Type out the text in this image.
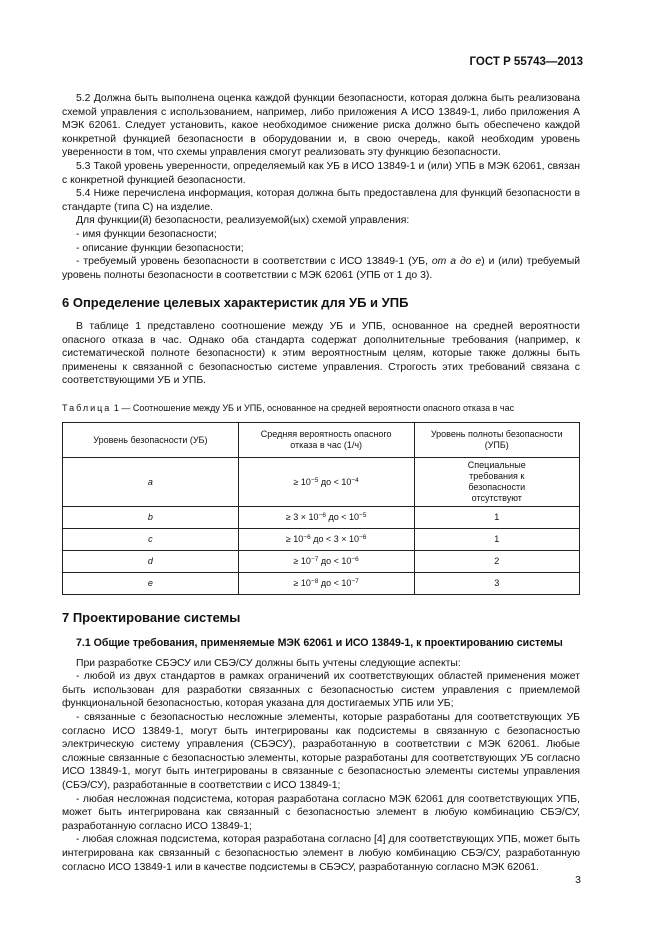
ГОСТ Р 55743—2013

5.2 Должна быть выполнена оценка каждой функции безопасности, которая должна быть реализована схемой управления с использованием, например, либо приложения А ИСО 13849-1, либо приложения А МЭК 62061. Следует установить, какое необходимое снижение риска должно быть обеспечено каждой конкретной функцией безопасности в оборудовании и, в свою очередь, какой необходим уровень уверенности в том, что схемы управления смогут реализовать эту функцию безопасности.

5.3 Такой уровень уверенности, определяемый как УБ в ИСО 13849-1 и (или) УПБ в МЭК 62061, связан с конкретной функцией безопасности.

5.4 Ниже перечислена информация, которая должна быть предоставлена для функций безопасности в стандарте (типа С) на изделие.

Для функции(й) безопасности, реализуемой(ых) схемой управления:

- имя функции безопасности;

- описание функции безопасности;

- требуемый уровень безопасности в соответствии с ИСО 13849-1 (УБ, от a до e) и (или) требуемый уровень полноты безопасности в соответствии с МЭК 62061 (УПБ от 1 до 3).

6 Определение целевых характеристик для УБ и УПБ

В таблице 1 представлено соотношение между УБ и УПБ, основанное на средней вероятности опасного отказа в час. Однако оба стандарта содержат дополнительные требования (например, к систематической полноте безопасности) к этим вероятностным целям, которые также должны быть применены к связанной с безопасностью системе управления. Строгость этих требований связана с соответствующими УБ и УПБ.

Таблица 1 — Соотношение между УБ и УПБ, основанное на средней вероятности опасного отказа в час
Уровень безопасности (УБ)	Средняя вероятность опасного отказа в час (1/ч)	Уровень полноты безопасности (УПБ)
a	≥ $10^{-5}$ до < $10^{-4}$	Специальные требования к безопасности отсутствуют
b	≥ $3 \times 10^{-6}$ до < $10^{-5}$	1
c	≥ $10^{-6}$ до < $3 \times 10^{-6}$	1
d	≥ $10^{-7}$ до < $10^{-6}$	2
e	≥ $10^{-8}$ до < $10^{-7}$	3
7 Проектирование системы
7.1 Общие требования, применяемые МЭК 62061 и ИСО 13849-1, к проектированию системы

При разработке СБЭСУ или СБЭ/СУ должны быть учтены следующие аспекты:

- любой из двух стандартов в рамках ограничений их соответствующих областей применения может быть использован для разработки связанных с безопасностью систем управления с приемлемой функциональной безопасностью, которая указана для достигаемых УПБ или УБ;

- связанные с безопасностью несложные элементы, которые разработаны для соответствующих УБ согласно ИСО 13849-1, могут быть интегрированы как подсистемы в связанную с безопасностью электрическую систему управления (СБЭСУ), разработанную в соответствии с МЭК 62061. Любые сложные связанные с безопасностью элементы, которые разработаны для соответствующих УБ согласно ИСО 13849-1, могут быть интегрированы в связанные с безопасностью элементы системы управления (СБЭ/СУ), разработанные в соответствии с ИСО 13849-1;

- любая несложная подсистема, которая разработана согласно МЭК 62061 для соответствующих УПБ, может быть интегрирована как связанный с безопасностью элемент в любую комбинацию СБЭ/СУ, разработанную согласно ИСО 13849-1;

- любая сложная подсистема, которая разработана согласно [4] для соответствующих УПБ, может быть интегрирована как связанный с безопасностью элемент в любую комбинацию СБЭ/СУ, разработанную согласно ИСО 13849-1 или в качестве подсистемы в СБЭСУ, разработанную согласно МЭК 62061.

3
